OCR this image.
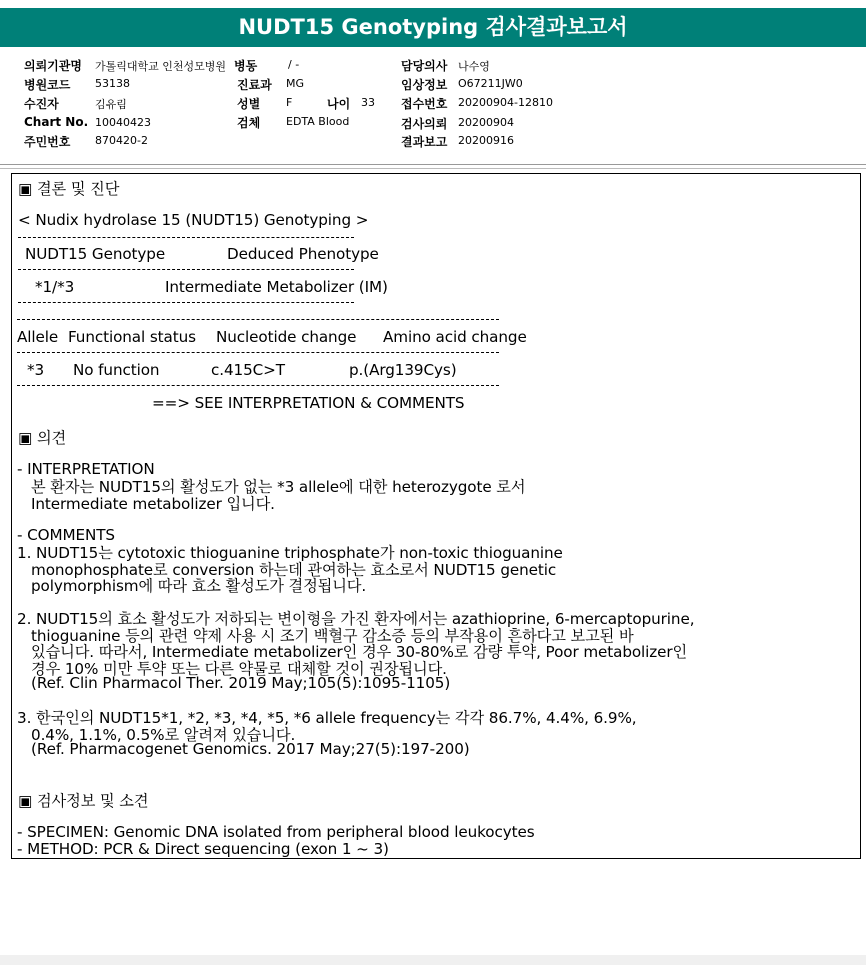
NUDT15 Genotyping 검사결과보고서
의뢰기관명 가톨릭대학교 인천성모병원 병동	/ -	담당의사 나수영
병원코드 53138	진료과 MG	임상정보 O67211JW0
수진자	김유림	성별 F	나이 33 접수번호 20200904-12810
Chart No. 10040423	검체 EDTA Blood	검사의뢰 20200904
주민번호 870420-2	결과보고 20200916
▣ 결론 및 진단
< Nudix hydrolase 15 (NUDT15) Genotyping >
NUDT15 Genotype	Deduced Phenotype
*1/*3	Intermediate Metabolizer (IM)
Allele Functional status Nucleotide change Amino acid change
*3 No function	c.415C>T	p.(Arg139Cys)
==> SEE INTERPRETATION & COMMENTS
▣ 의견
- INTERPRETATION
본 환자는 NUDT15의 활성도가 없는 *3 allele에 대한 heterozygote 로서
Intermediate metabolizer 입니다.
- COMMENTS
1. NUDT15는 cytotoxic thioguanine triphosphate가 non-toxic thioguanine
monophosphate로 conversion 하는데 관여하는 효소로서 NUDT15 genetic
polymorphism에 따라 효소 활성도가 결정됩니다.
2. NUDT15의 효소 활성도가 저하되는 변이형을 가진 환자에서는 azathioprine, 6-mercaptopurine,
thioguanine 등의 관련 약제 사용 시 조기 백혈구 감소증 등의 부작용이 흔하다고 보고된 바
있습니다. 따라서, Intermediate metabolizer인 경우 30-80%로 감량 투약, Poor metabolizer인
경우 10% 미만 투약 또는 다른 약물로 대체할 것이 권장됩니다.
(Ref. Clin Pharmacol Ther. 2019 May;105(5):1095-1105)
3. 한국인의 NUDT15*1, *2, *3, *4, *5, *6 allele frequency는 각각 86.7%, 4.4%, 6.9%,
0.4%, 1.1%, 0.5%로 알려져 있습니다.
(Ref. Pharmacogenet Genomics. 2017 May;27(5):197-200)
▣ 검사정보 및 소견
- SPECIMEN: Genomic DNA isolated from peripheral blood leukocytes
- METHOD: PCR & Direct sequencing (exon 1 ~ 3)
